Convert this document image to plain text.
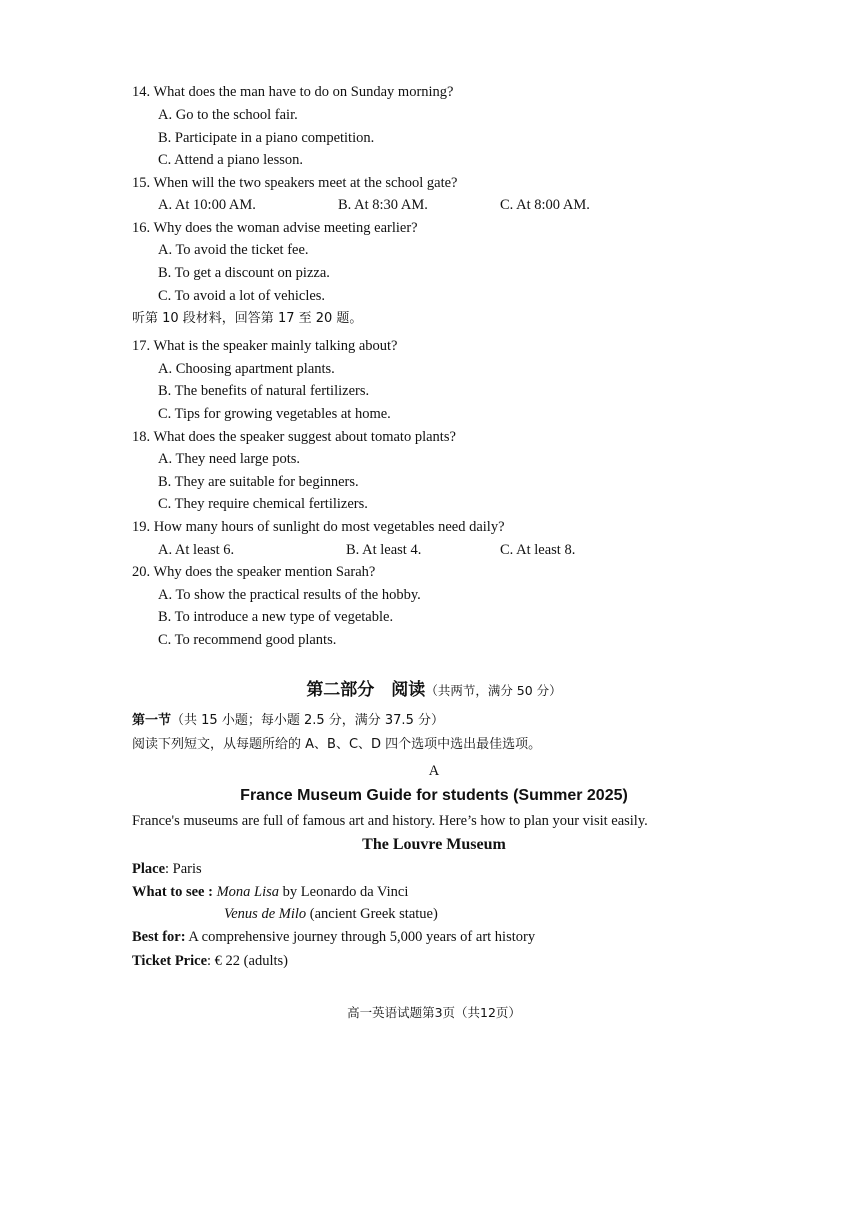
14. What does the man have to do on Sunday morning?
A. Go to the school fair.
B. Participate in a piano competition.
C. Attend a piano lesson.
15. When will the two speakers meet at the school gate?
A. At 10:00 AM.	B. At 8:30 AM.	C. At 8:00 AM.
16. Why does the woman advise meeting earlier?
A. To avoid the ticket fee.
B. To get a discount on pizza.
C. To avoid a lot of vehicles.
听第 10 段材料，回答第 17 至 20 题。
17. What is the speaker mainly talking about?
A. Choosing apartment plants.
B. The benefits of natural fertilizers.
C. Tips for growing vegetables at home.
18. What does the speaker suggest about tomato plants?
A. They need large pots.
B. They are suitable for beginners.
C. They require chemical fertilizers.
19. How many hours of sunlight do most vegetables need daily?
A. At least 6.	B. At least 4.	C. At least 8.
20. Why does the speaker mention Sarah?
A. To show the practical results of the hobby.
B. To introduce a new type of vegetable.
C. To recommend good plants.
第二部分　阅读（共两节，满分 50 分）
第一节（共 15 小题；每小题 2.5 分，满分 37.5 分）
阅读下列短文，从每题所给的 A、B、C、D 四个选项中选出最佳选项。
A
France Museum Guide for students (Summer 2025)
France's museums are full of famous art and history. Here’s how to plan your visit easily.
The Louvre Museum
Place: Paris
What to see : Mona Lisa by Leonardo da Vinci
Venus de Milo (ancient Greek statue)
Best for: A comprehensive journey through 5,000 years of art history
Ticket Price: € 22 (adults)
高一英语试题第3页（共12页）
